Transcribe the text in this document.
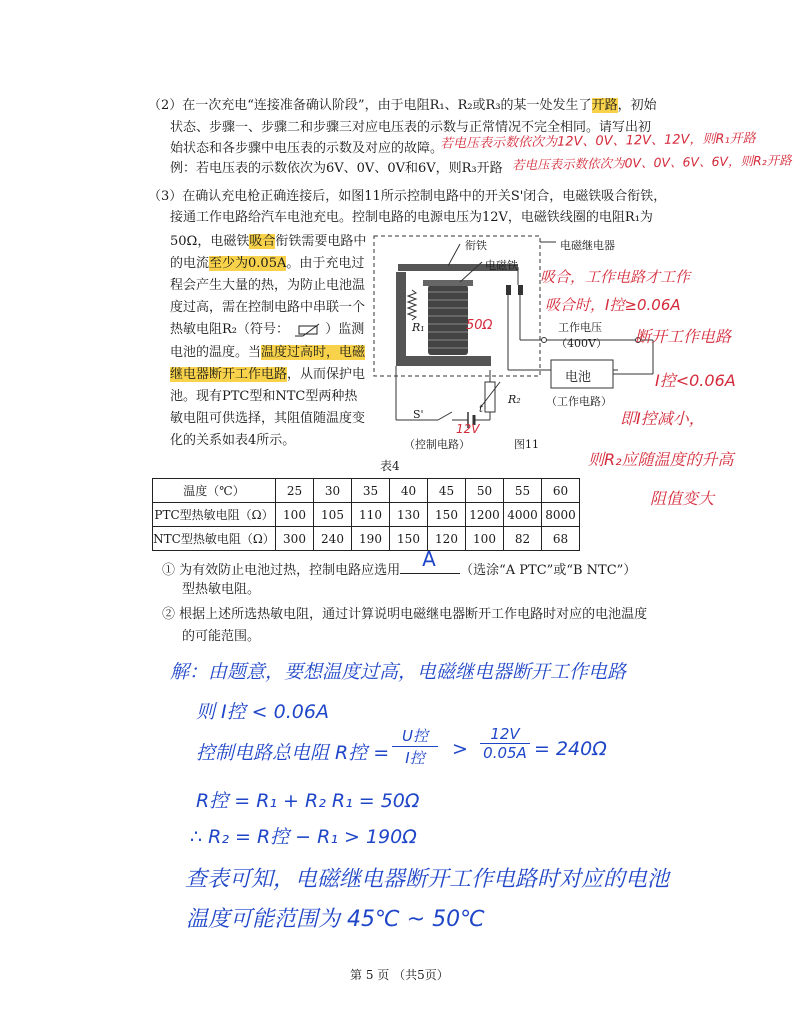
（2）在一次充电“连接准备确认阶段”，由于电阻R₁、R₂或R₃的某一处发生了开路，初始
状态、步骤一、步骤二和步骤三对应电压表的示数与正常情况不完全相同。请写出初
始状态和各步骤中电压表的示数及对应的故障。
若电压表示数依次为12V、0V、12V、12V，则R₁开路
例：若电压表的示数依次为6V、0V、0V和6V，则R₃开路 若电压表示数依次为0V、0V、6V、6V，则R₂开路
（3）在确认充电枪正确连接后，如图11所示控制电路中的开关S'闭合，电磁铁吸合衔铁，
接通工作电路给汽车电池充电。控制电路的电源电压为12V，电磁铁线圈的电阻R₁为
50Ω，电磁铁吸合衔铁需要电路中
的电流至少为0.05A。由于充电过
程会产生大量的热，为防止电池温
度过高，需在控制电路中串联一个
热敏电阻R₂（符号：	）监测
电池的温度。当温度过高时，电磁
继电器断开工作电路，从而保护电
池。现有PTC型和NTC型两种热
敏电阻可供选择，其阻值随温度变
化的关系如表4所示。
衔铁
电磁铁
电磁继电器
R₁	50Ω	工作电压
（400V）
电池
（工作电路）
R₂
t
S'
12V
（控制电路）	图11
吸合，工作电路才工作
吸合时，I控≥0.06A
断开工作电路
I控<0.06A
即I控减小，
则R₂应随温度的升高
阻值变大
表4
温度（℃）	25	30	35	40	45	50	55	60
PTC型热敏电阻（Ω）	100	105	110	130	150	1200	4000	8000
NTC型热敏电阻（Ω）	300	240	190	150	120	100	82	68
① 为有效防止电池过热，控制电路应选用 A （选涂“A PTC”或“B NTC”）
型热敏电阻。
② 根据上述所选热敏电阻，通过计算说明电磁继电器断开工作电路时对应的电池温度
的可能范围。
解：由题意，要想温度过高，电磁继电器断开工作电路
则 I控 < 0.06A
控制电路总电阻 R控 =
U控
I控	> $\frac{12V}{0.05A} = 240\Omega$
R控 = R₁ + R₂ R₁ = 50Ω
∴ R₂ = R控 − R₁ > 190Ω
查表可知，电磁继电器断开工作电路时对应的电池
温度可能范围为 45℃ ~ 50℃
第 5 页 （共5页）
